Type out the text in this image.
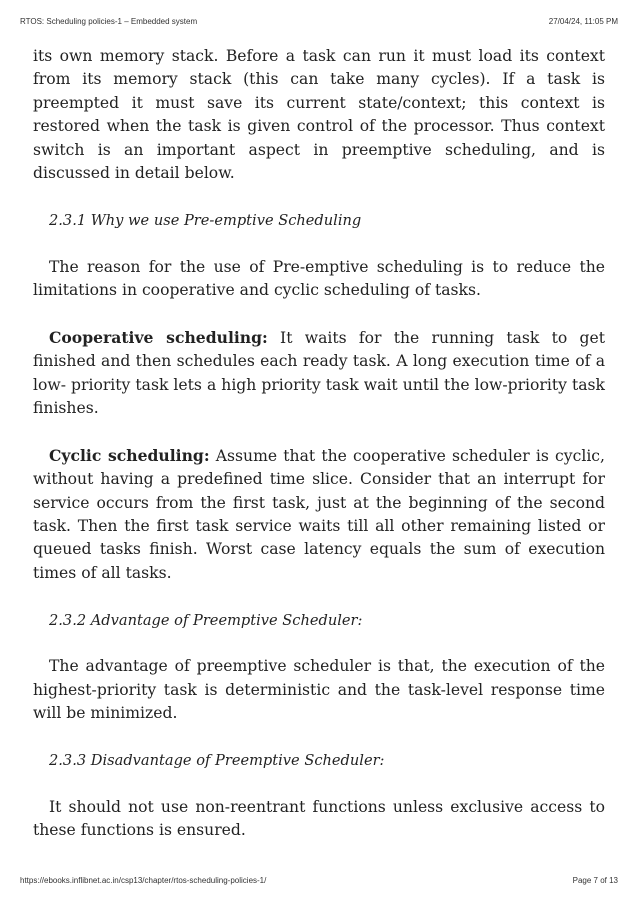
RTOS: Scheduling policies-1 – Embedded system	27/04/24, 11:05 PM

its own memory stack. Before a task can run it must load its context from its memory stack (this can take many cycles). If a task is preempted it must save its current state/context; this context is restored when the task is given control of the processor. Thus context switch is an important aspect in preemptive scheduling, and is discussed in detail below.

2.3.1 Why we use Pre-emptive Scheduling

The reason for the use of Pre-emptive scheduling is to reduce the limitations in cooperative and cyclic scheduling of tasks.

Cooperative scheduling: It waits for the running task to get finished and then schedules each ready task. A long execution time of a low- priority task lets a high priority task wait until the low-priority task finishes.

Cyclic scheduling: Assume that the cooperative scheduler is cyclic, without having a predefined time slice. Consider that an interrupt for service occurs from the first task, just at the beginning of the second task. Then the first task service waits till all other remaining listed or queued tasks finish. Worst case latency equals the sum of execution times of all tasks.

2.3.2 Advantage of Preemptive Scheduler:

The advantage of preemptive scheduler is that, the execution of the highest-priority task is deterministic and the task-level response time will be minimized.

2.3.3 Disadvantage of Preemptive Scheduler:

It should not use non-reentrant functions unless exclusive access to these functions is ensured.

https://ebooks.inflibnet.ac.in/csp13/chapter/rtos-scheduling-policies-1/	Page 7 of 13
